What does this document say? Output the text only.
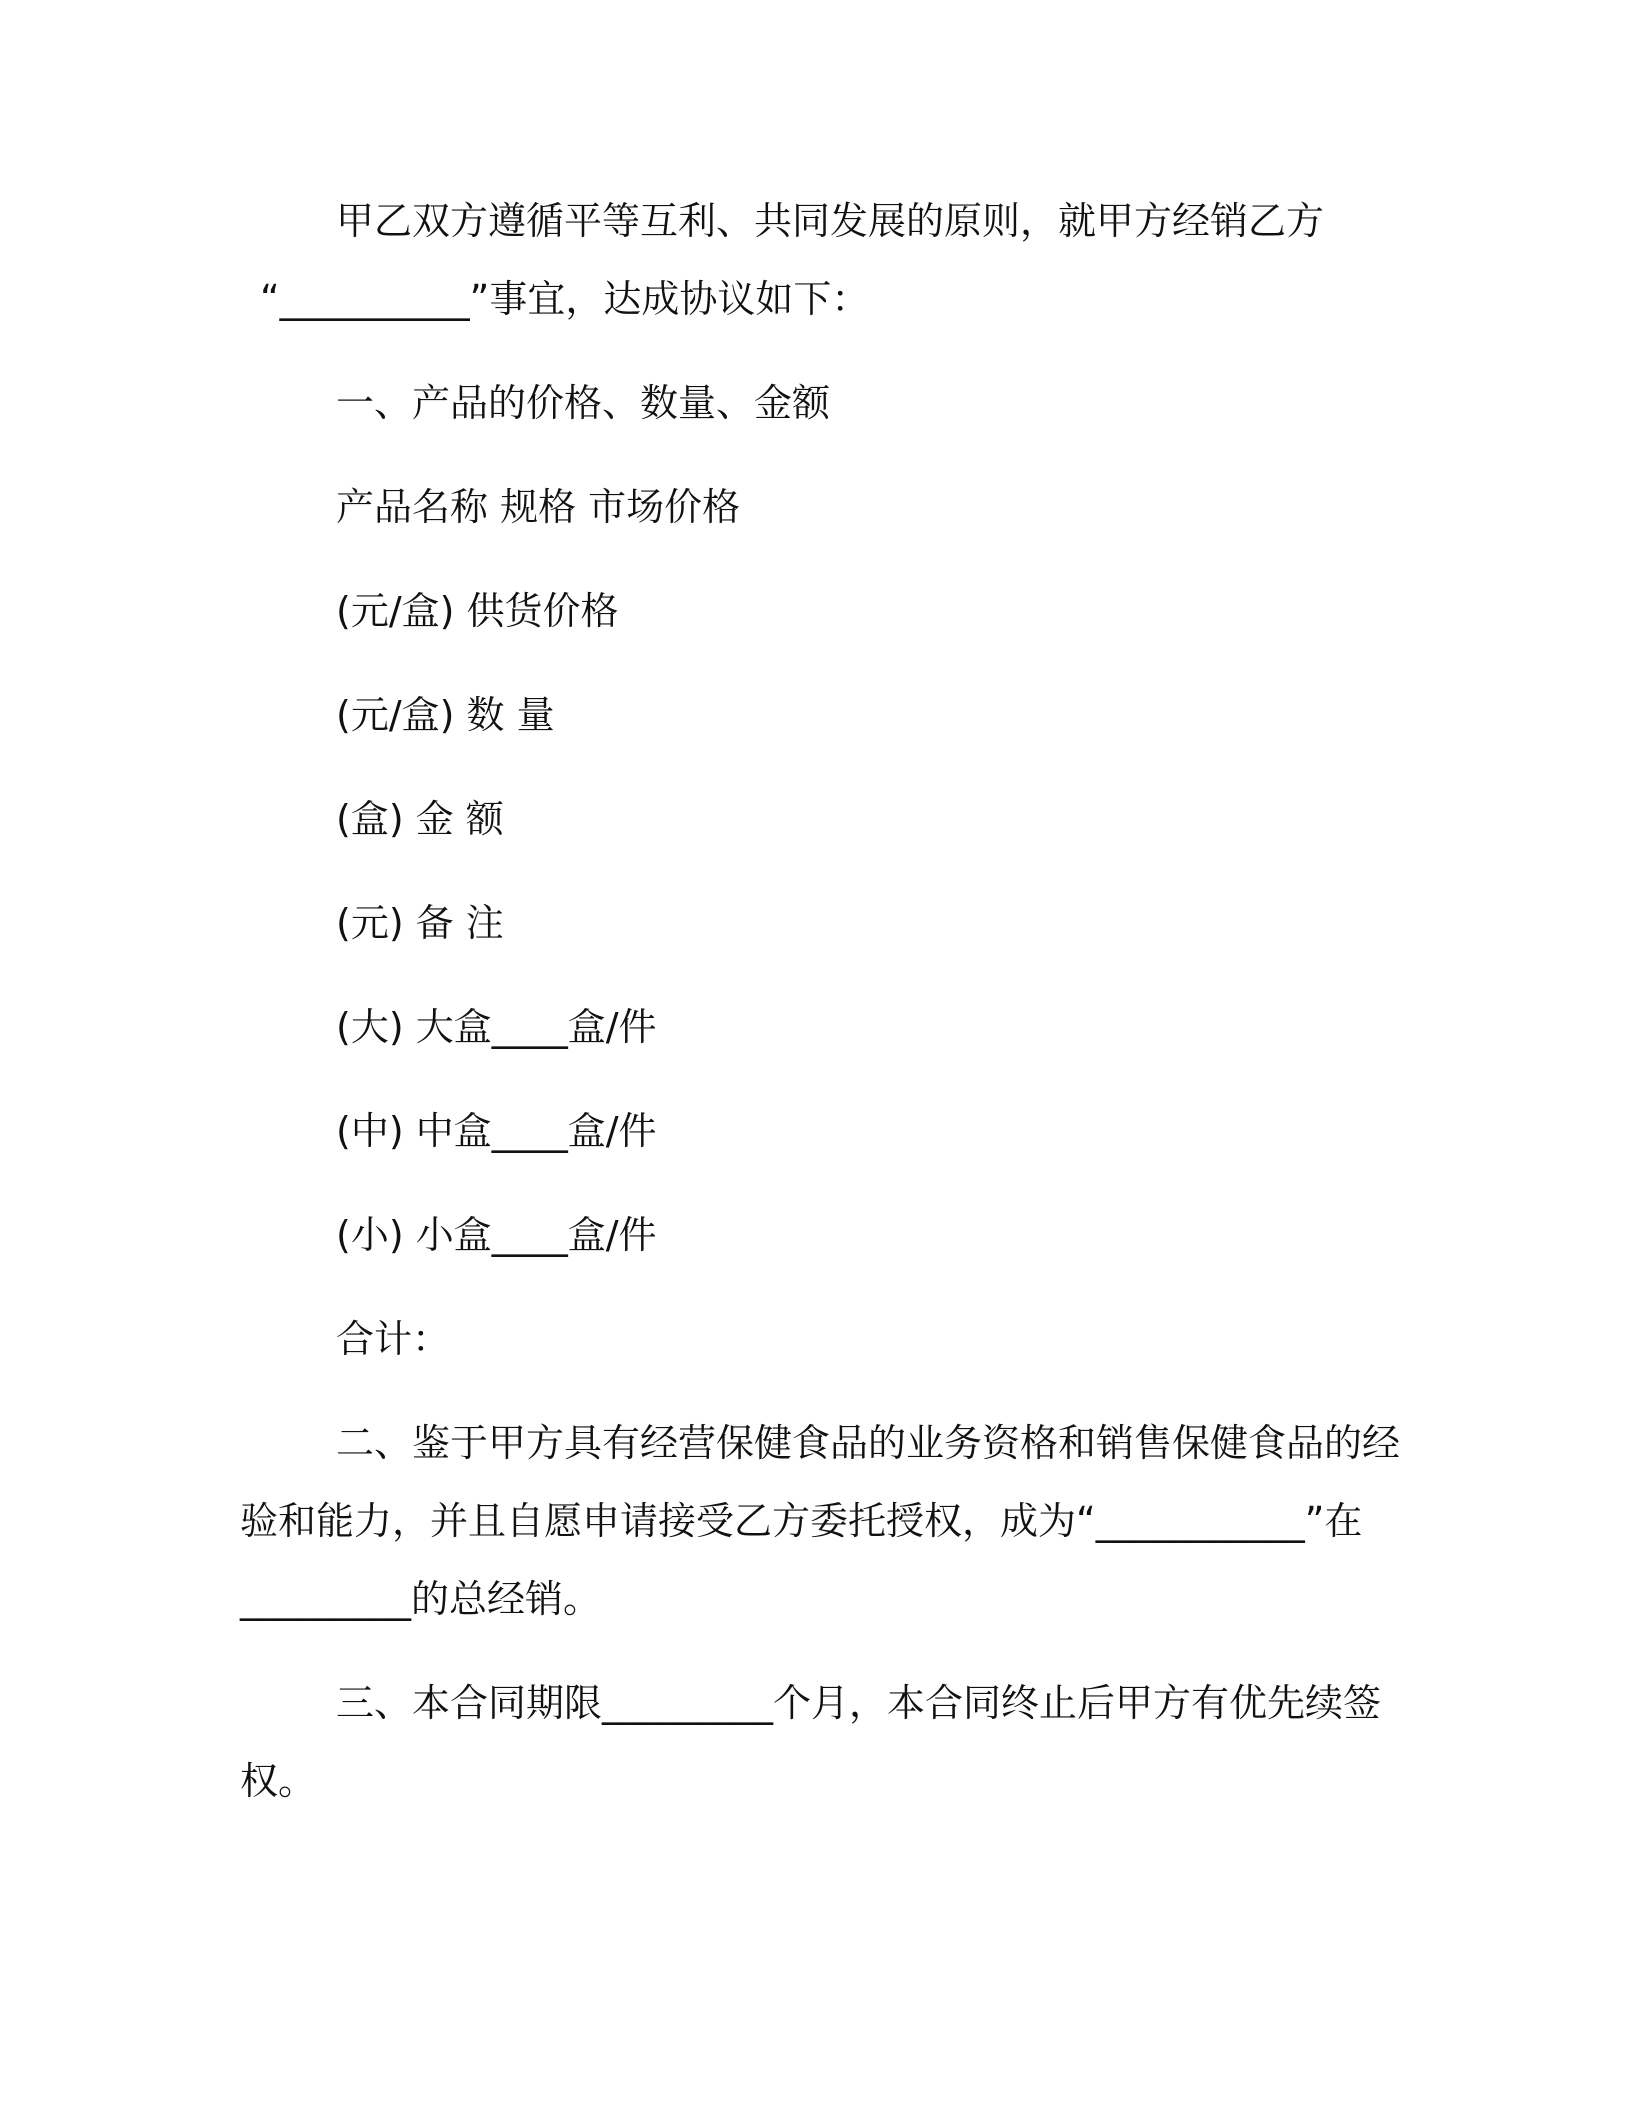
甲乙双方遵循平等互利、共同发展的原则，就甲方经销乙方

“__________”事宜，达成协议如下：

一、产品的价格、数量、金额

产品名称 规格 市场价格

(元/盒) 供货价格

(元/盒) 数 量

(盒) 金 额

(元) 备 注

(大) 大盒____盒/件

(中) 中盒____盒/件

(小) 小盒____盒/件

合计：

二、鉴于甲方具有经营保健食品的业务资格和销售保健食品的经

验和能力，并且自愿申请接受乙方委托授权，成为“___________”在

_________的总经销。

三、本合同期限_________个月，本合同终止后甲方有优先续签

权。
